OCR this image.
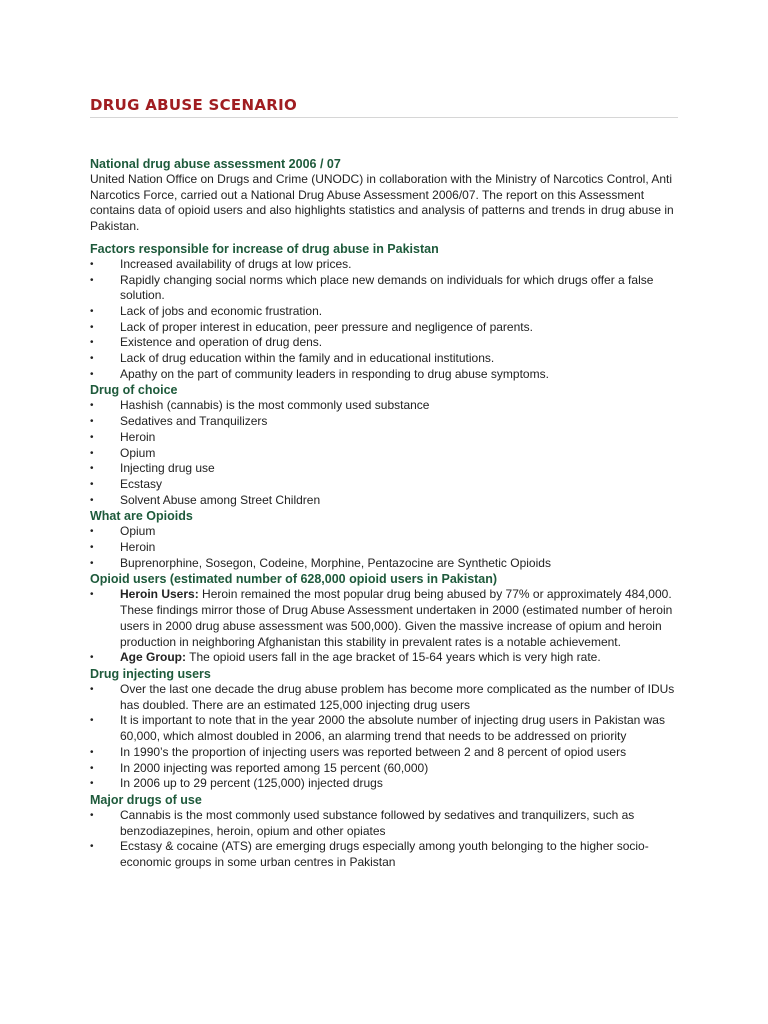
DRUG ABUSE SCENARIO
National drug abuse assessment 2006 / 07

United Nation Office on Drugs and Crime (UNODC) in collaboration with the Ministry of Narcotics Control, Anti Narcotics Force, carried out a National Drug Abuse Assessment 2006/07. The report on this Assessment contains data of opioid users and also highlights statistics and analysis of patterns and trends in drug abuse in Pakistan.

Factors responsible for increase of drug abuse in Pakistan
•	Increased availability of drugs at low prices.
•	Rapidly changing social norms which place new demands on individuals for which drugs offer a false solution.
•	Lack of jobs and economic frustration.
•	Lack of proper interest in education, peer pressure and negligence of parents.
•	Existence and operation of drug dens.
•	Lack of drug education within the family and in educational institutions.
•	Apathy on the part of community leaders in responding to drug abuse symptoms.
Drug of choice
•	Hashish (cannabis) is the most commonly used substance
•	Sedatives and Tranquilizers
•	Heroin
•	Opium
•	Injecting drug use
•	Ecstasy
•	Solvent Abuse among Street Children
What are Opioids
•	Opium
•	Heroin
•	Buprenorphine, Sosegon, Codeine, Morphine, Pentazocine are Synthetic Opioids
Opioid users (estimated number of 628,000 opioid users in Pakistan)
•	Heroin Users: Heroin remained the most popular drug being abused by 77% or approximately 484,000. These findings mirror those of Drug Abuse Assessment undertaken in 2000 (estimated number of heroin users in 2000 drug abuse assessment was 500,000). Given the massive increase of opium and heroin production in neighboring Afghanistan this stability in prevalent rates is a notable achievement.
•	Age Group: The opioid users fall in the age bracket of 15-64 years which is very high rate.
Drug injecting users
•	Over the last one decade the drug abuse problem has become more complicated as the number of IDUs has doubled. There are an estimated 125,000 injecting drug users
•	It is important to note that in the year 2000 the absolute number of injecting drug users in Pakistan was 60,000, which almost doubled in 2006, an alarming trend that needs to be addressed on priority
•	In 1990’s the proportion of injecting users was reported between 2 and 8 percent of opiod users
•	In 2000 injecting was reported among 15 percent (60,000)
•	In 2006 up to 29 percent (125,000) injected drugs
Major drugs of use
•	Cannabis is the most commonly used substance followed by sedatives and tranquilizers, such as benzodiazepines, heroin, opium and other opiates
•	Ecstasy & cocaine (ATS) are emerging drugs especially among youth belonging to the higher socio-economic groups in some urban centres in Pakistan
